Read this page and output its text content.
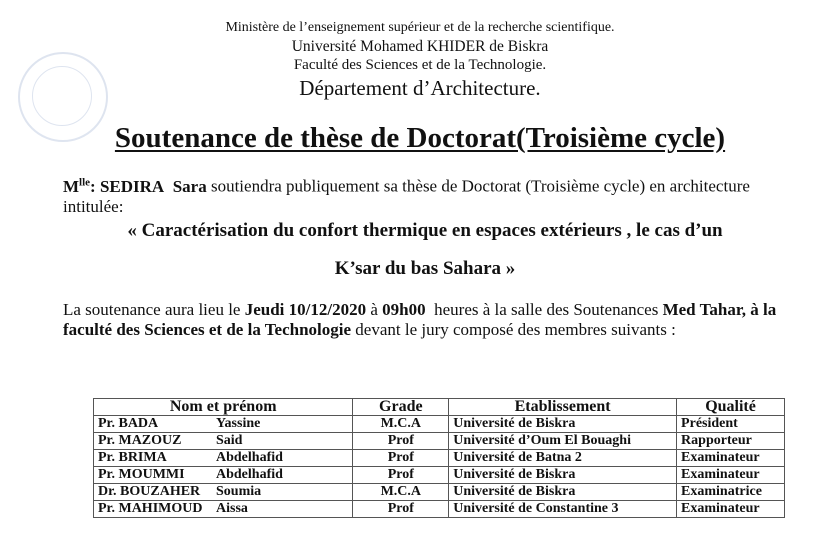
Ministère de l’enseignement supérieur et de la recherche scientifique.
Université Mohamed KHIDER de Biskra
Faculté des Sciences et de la Technologie.
Département d’Architecture.
Soutenance de thèse de Doctorat(Troisième cycle)
$M^{lle}$: SEDIRA Sara soutiendra publiquement sa thèse de Doctorat (Troisième cycle) en architecture intitulée:
« Caractérisation du confort thermique en espaces extérieurs , le cas d’un
K’sar du bas Sahara »
La soutenance aura lieu le Jeudi 10/12/2020 à 09h00 heures à la salle des Soutenances Med Tahar, à la faculté des Sciences et de la Technologie devant le jury composé des membres suivants :
Nom et prénom	Grade	Etablissement	Qualité
Pr. BADA Yassine	M.C.A	Université de Biskra	Président
Pr. MAZOUZ Said	Prof	Université d’Oum El Bouaghi	Rapporteur
Pr. BRIMA Abdelhafid	Prof	Université de Batna 2	Examinateur
Pr. MOUMMI Abdelhafid	Prof	Université de Biskra	Examinateur
Dr. BOUZAHER Soumia	M.C.A	Université de Biskra	Examinatrice
Pr. MAHIMOUD Aissa	Prof	Université de Constantine 3	Examinateur
